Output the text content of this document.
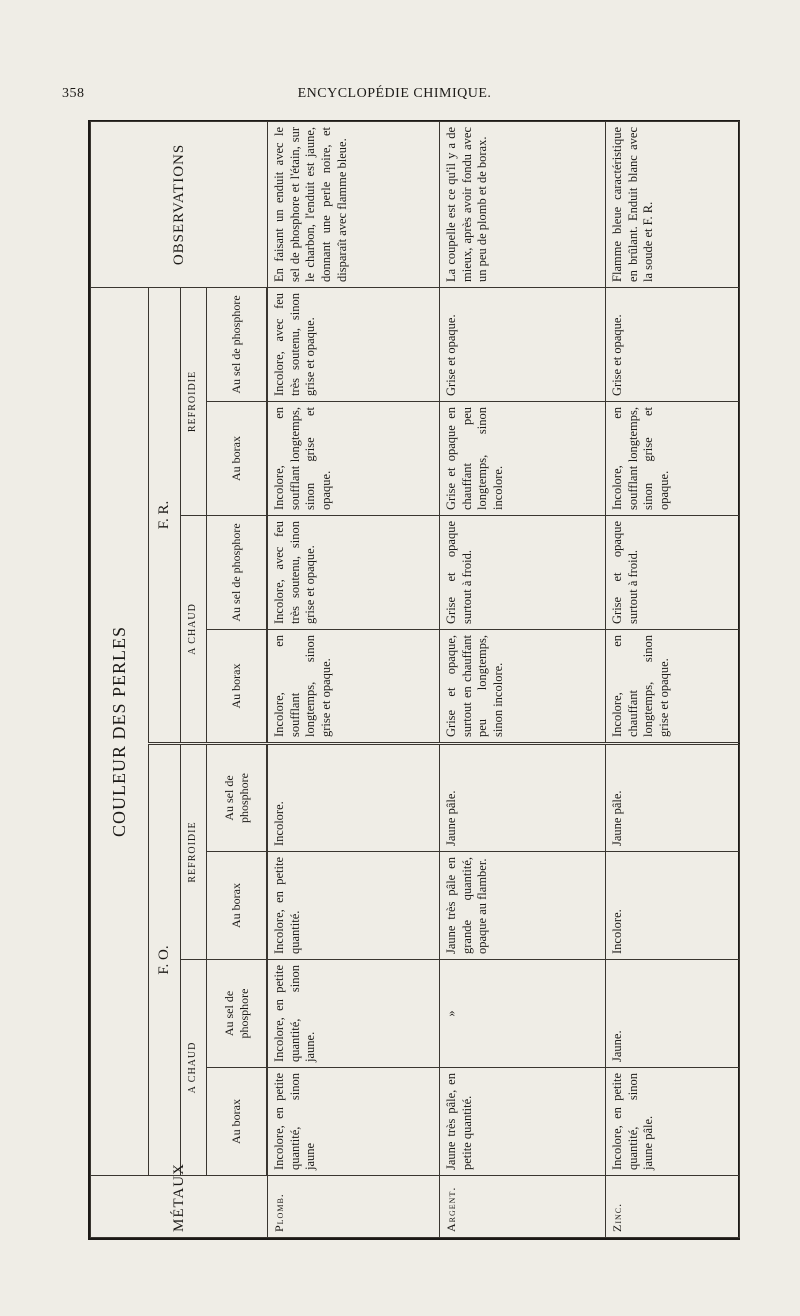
358	ENCYCLOPÉDIE CHIMIQUE.
MÉTAUX	COULEUR DES PERLES								OBSERVATIONS
	F. O.				F. R.				
	A CHAUD		REFROIDIE		A CHAUD		REFROIDIE		
	Au borax	Au sel de phosphore	Au borax	Au sel de phosphore	Au borax	Au sel de phosphore	Au borax	Au sel de phosphore	

Plomb.	Incolore, en petite quantité, sinon jaune	Incolore, en petite quantité, sinon jaune.	Incolore, en petite quantité.	Incolore.	Incolore, en soufflant longtemps, sinon grise et opaque.	Incolore, avec feu très soutenu, sinon grise et opaque.	Incolore, en soufflant longtemps, sinon grise et opaque.	Incolore, avec feu très soutenu, sinon grise et opaque.	En faisant un enduit avec le sel de phosphore et l'étain, sur le charbon, l'enduit est jaune, donnant une perle noire, et disparaît avec flamme bleue.
Argent.	Jaune très pâle, en petite quantité.	»	Jaune très pâle en grande quantité, opaque au flamber.	Jaune pâle.	Grise et opaque, surtout en chauffant peu longtemps, sinon incolore.	Grise et opaque surtout à froid.	Grise et opaque en chauffant peu longtemps, sinon incolore.	Grise et opaque.	La coupelle est ce qu'il y a de mieux, après avoir fondu avec un peu de plomb et de borax.
Zinc.	Incolore, en petite quantité, sinon jaune pâle.	Jaune.	Incolore.	Jaune pâle.	Incolore, en chauffant longtemps, sinon grise et opaque.	Grise et opaque surtout à froid.	Incolore, en soufflant longtemps, sinon grise et opaque.	Grise et opaque.	Flamme bleue caractéristique en brûlant. Enduit blanc avec la soude et F. R.
